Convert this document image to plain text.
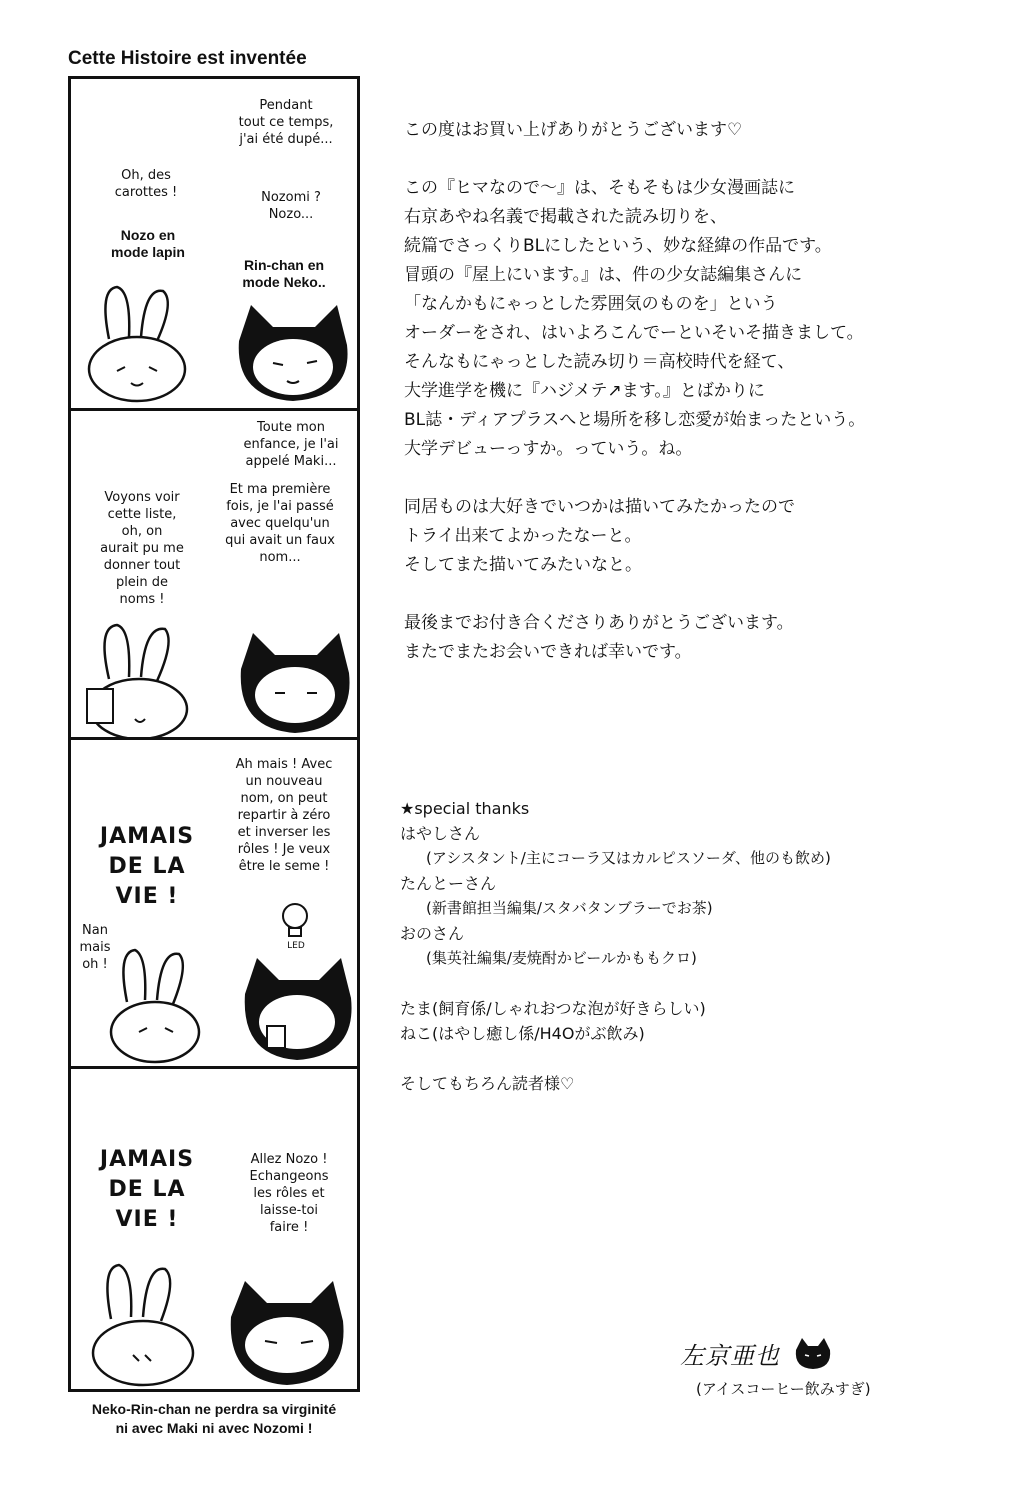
Cette Histoire est inventée
Pendant
tout ce temps,
j'ai été dupé...
Oh, des
carottes !	Nozomi ?
Nozo...
Nozo en
mode lapin
Rin-chan en
mode Neko..
Toute mon
enfance, je l'ai
appelé Maki...
Voyons voir
cette liste,
oh, on
aurait pu me
donner tout
plein de
noms !
Et ma première
fois, je l'ai passé
avec quelqu'un
qui avait un faux
nom...
Ah mais ! Avec
un nouveau
nom, on peut
repartir à zéro
et inverser les
rôles ! Je veux
être le seme !
JAMAIS
DE LA
VIE !
Nan
mais
oh !
LED
JAMAIS
DE LA
VIE !
Allez Nozo !
Echangeons
les rôles et
laisse-toi
faire !
Neko-Rin-chan ne perdra sa virginité
ni avec Maki ni avec Nozomi !
この度はお買い上げありがとうございます♡
この『ヒマなので～』は、そもそもは少女漫画誌に
右京あやね名義で掲載された読み切りを、
続篇でさっくりBLにしたという、妙な経緯の作品です。
冒頭の『屋上にいます。』は、件の少女誌編集さんに
「なんかもにゃっとした雰囲気のものを」という
オーダーをされ、はいよろこんでーといそいそ描きまして。
そんなもにゃっとした読み切り＝高校時代を経て、
大学進学を機に『ハジメテ↗ます。』とばかりに
BL誌・ディアプラスへと場所を移し恋愛が始まったという。
大学デビューっすか。っていう。ね。
同居ものは大好きでいつかは描いてみたかったので
トライ出来てよかったなーと。
そしてまた描いてみたいなと。
最後までお付き合くださりありがとうございます。
またでまたお会いできれば幸いです。
★special thanks
はやしさん
(アシスタント/主にコーラ又はカルピスソーダ、他のも飲め)
たんとーさん
(新書館担当編集/スタバタンブラーでお茶)
おのさん
(集英社編集/麦焼酎かビールかももクロ)
たま(飼育係/しゃれおつな泡が好きらしい)
ねこ(はやし癒し係/H4Oがぶ飲み)
そしてもちろん読者様♡
左京亜也
(アイスコーヒー飲みすぎ)
